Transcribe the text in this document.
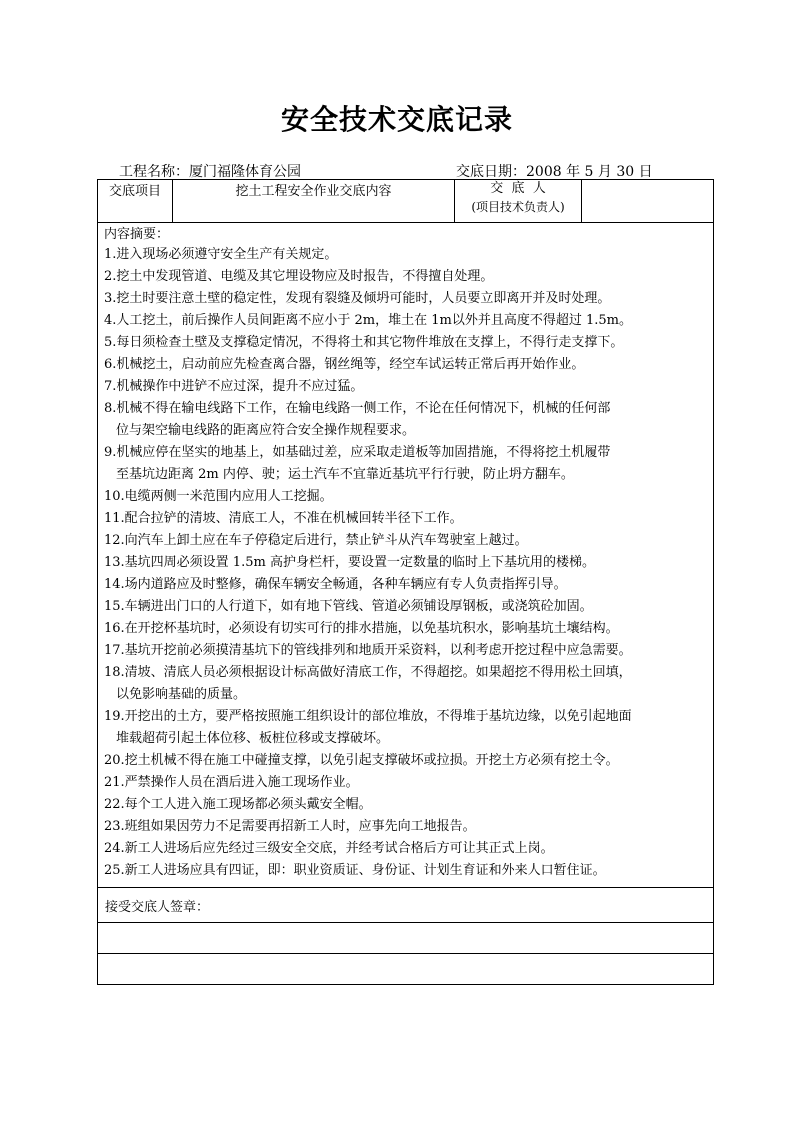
安全技术交底记录
工程名称：厦门福隆体育公园	交底日期：2008 年 5 月 30 日
交底项目	挖土工程安全作业交底内容	交  底  人
(项目技术负责人)

内容摘要：
1.进入现场必须遵守安全生产有关规定。
2.挖土中发现管道、电缆及其它埋设物应及时报告，不得擅自处理。
3.挖土时要注意土壁的稳定性，发现有裂缝及倾坍可能时，人员要立即离开并及时处理。
4.人工挖土，前后操作人员间距离不应小于 2m，堆土在 1m以外并且高度不得超过 1.5m。
5.每日须检查土壁及支撑稳定情况，不得将土和其它物件堆放在支撑上，不得行走支撑下。
6.机械挖土，启动前应先检查离合器，钢丝绳等，经空车试运转正常后再开始作业。
7.机械操作中进铲不应过深，提升不应过猛。
8.机械不得在输电线路下工作，在输电线路一侧工作，不论在任何情况下，机械的任何部
位与架空输电线路的距离应符合安全操作规程要求。
9.机械应停在坚实的地基上，如基础过差，应采取走道板等加固措施，不得将挖土机履带
至基坑边距离 2m 内停、驶；运土汽车不宜靠近基坑平行行驶，防止坍方翻车。
10.电缆两侧一米范围内应用人工挖掘。
11.配合拉铲的清坡、清底工人，不准在机械回转半径下工作。
12.向汽车上卸土应在车子停稳定后进行，禁止铲斗从汽车驾驶室上越过。
13.基坑四周必须设置 1.5m 高护身栏杆，要设置一定数量的临时上下基坑用的楼梯。
14.场内道路应及时整修，确保车辆安全畅通，各种车辆应有专人负责指挥引导。
15.车辆进出门口的人行道下，如有地下管线、管道必须铺设厚钢板，或浇筑砼加固。
16.在开挖杯基坑时，必须设有切实可行的排水措施，以免基坑积水，影响基坑土壤结构。
17.基坑开挖前必须摸清基坑下的管线排列和地质开采资料，以利考虑开挖过程中应急需要。
18.清坡、清底人员必须根据设计标高做好清底工作，不得超挖。如果超挖不得用松土回填，
以免影响基础的质量。
19.开挖出的土方，要严格按照施工组织设计的部位堆放，不得堆于基坑边缘，以免引起地面
堆载超荷引起土体位移、板桩位移或支撑破坏。
20.挖土机械不得在施工中碰撞支撑，以免引起支撑破坏或拉损。开挖土方必须有挖土令。
21.严禁操作人员在酒后进入施工现场作业。
22.每个工人进入施工现场都必须头戴安全帽。
23.班组如果因劳力不足需要再招新工人时，应事先向工地报告。
24.新工人进场后应先经过三级安全交底，并经考试合格后方可让其正式上岗。
25.新工人进场应具有四证，即：职业资质证、身份证、计划生育证和外来人口暂住证。

接受交底人签章：
